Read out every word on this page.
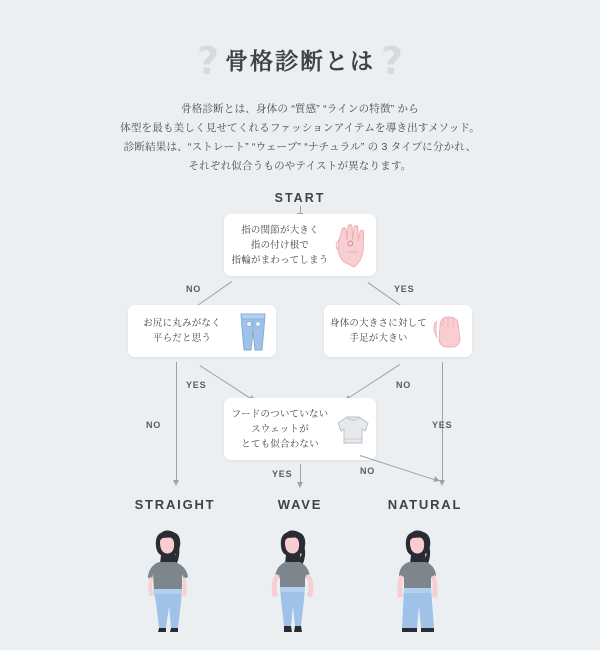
? 骨格診断とは ?
骨格診断とは、身体の “質感” “ラインの特徴” から
体型を最も美しく見せてくれるファッションアイテムを導き出すメソッド。
診断結果は、“ストレート” “ウェーブ” “ナチュラル” の 3 タイプに分かれ、
それぞれ似合うものやテイストが異なります。
START
指の関節が大きく
指の付け根で
指輪がまわってしまう
NO	YES
お尻に丸みがなく
平らだと思う
身体の大きさに対して
手足が大きい
YES
NO
NO
YES
フードのついていない
スウェットが
とても似合わない
YES	NO
STRAIGHT	WAVE	NATURAL
